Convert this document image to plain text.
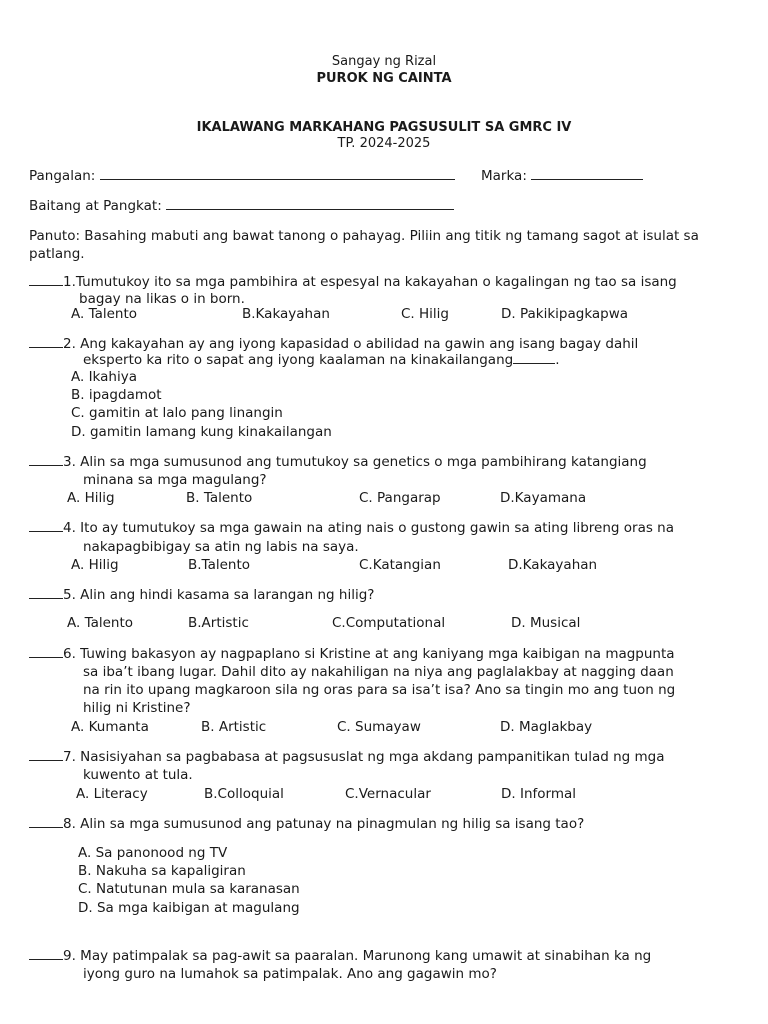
Sangay ng Rizal
PUROK NG CAINTA
IKALAWANG MARKAHANG PAGSUSULIT SA GMRC IV
TP. 2024-2025
Pangalan:	Marka:
Baitang at Pangkat:
Panuto: Basahing mabuti ang bawat tanong o pahayag. Piliin ang titik ng tamang sagot at isulat sa patlang.
1.Tumutukoy ito sa mga pambihira at espesyal na kakayahan o kagalingan ng tao sa isang
bagay na likas o in born.
A. Talento	B.Kakayahan	C. Hilig	D. Pakikipagkapwa
2. Ang kakayahan ay ang iyong kapasidad o abilidad na gawin ang isang bagay dahil
eksperto ka rito o sapat ang iyong kaalaman na kinakailangang	.
A. Ikahiya
B. ipagdamot
C. gamitin at lalo pang linangin
D. gamitin lamang kung kinakailangan
3. Alin sa mga sumusunod ang tumutukoy sa genetics o mga pambihirang katangiang
minana sa mga magulang?
A. Hilig	B. Talento	C. Pangarap	D.Kayamana
4. Ito ay tumutukoy sa mga gawain na ating nais o gustong gawin sa ating libreng oras na
nakapagbibigay sa atin ng labis na saya.
A. Hilig	B.Talento	C.Katangian	D.Kakayahan
5. Alin ang hindi kasama sa larangan ng hilig?
A. Talento	B.Artistic	C.Computational	D. Musical
6. Tuwing bakasyon ay nagpaplano si Kristine at ang kaniyang mga kaibigan na magpunta
sa iba’t ibang lugar. Dahil dito ay nakahiligan na niya ang paglalakbay at nagging daan
na rin ito upang magkaroon sila ng oras para sa isa’t isa? Ano sa tingin mo ang tuon ng
hilig ni Kristine?
A. Kumanta	B. Artistic	C. Sumayaw	D. Maglakbay
7. Nasisiyahan sa pagbabasa at pagsususlat ng mga akdang pampanitikan tulad ng mga
kuwento at tula.
A. Literacy	B.Colloquial	C.Vernacular	D. Informal
8. Alin sa mga sumusunod ang patunay na pinagmulan ng hilig sa isang tao?
A. Sa panonood ng TV
B. Nakuha sa kapaligiran
C. Natutunan mula sa karanasan
D. Sa mga kaibigan at magulang
9. May patimpalak sa pag-awit sa paaralan. Marunong kang umawit at sinabihan ka ng
iyong guro na lumahok sa patimpalak. Ano ang gagawin mo?
